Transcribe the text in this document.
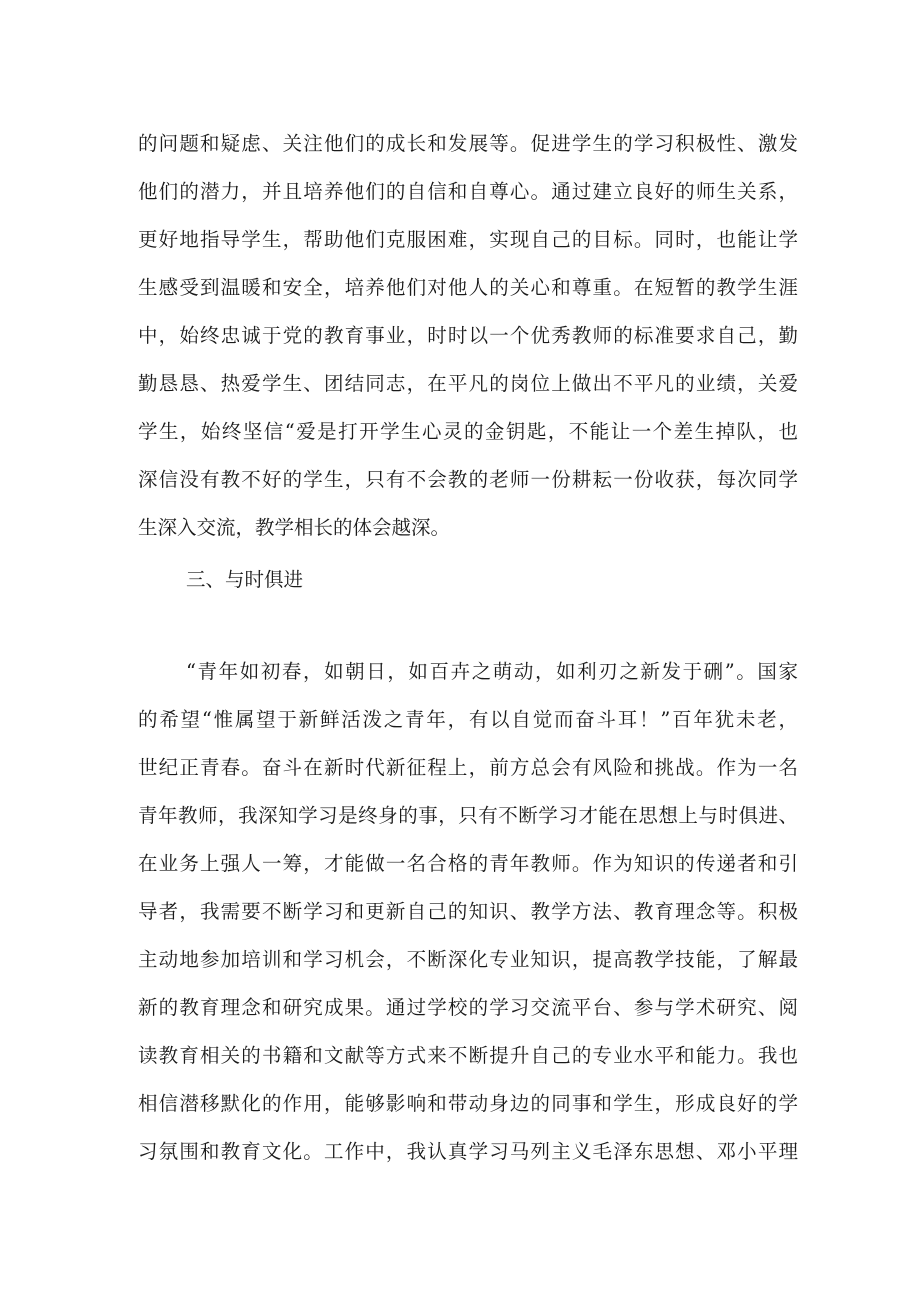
的问题和疑虑、关注他们的成长和发展等。促进学生的学习积极性、激发
他们的潜力，并且培养他们的自信和自尊心。通过建立良好的师生关系，
更好地指导学生，帮助他们克服困难，实现自己的目标。同时，也能让学
生感受到温暖和安全，培养他们对他人的关心和尊重。在短暂的教学生涯
中，始终忠诚于党的教育事业，时时以一个优秀教师的标准要求自己，勤
勤恳恳、热爱学生、团结同志，在平凡的岗位上做出不平凡的业绩，关爱
学生，始终坚信“爱是打开学生心灵的金钥匙，不能让一个差生掉队，也
深信没有教不好的学生，只有不会教的老师一份耕耘一份收获，每次同学
生深入交流，教学相长的体会越深。
三、与时俱进
“青年如初春，如朝日，如百卉之萌动，如利刃之新发于硎”。国家
的希望“惟属望于新鲜活泼之青年，有以自觉而奋斗耳！”百年犹未老，
世纪正青春。奋斗在新时代新征程上，前方总会有风险和挑战。作为一名
青年教师，我深知学习是终身的事，只有不断学习才能在思想上与时俱进、
在业务上强人一筹，才能做一名合格的青年教师。作为知识的传递者和引
导者，我需要不断学习和更新自己的知识、教学方法、教育理念等。积极
主动地参加培训和学习机会，不断深化专业知识，提高教学技能，了解最
新的教育理念和研究成果。通过学校的学习交流平台、参与学术研究、阅
读教育相关的书籍和文献等方式来不断提升自己的专业水平和能力。我也
相信潜移默化的作用，能够影响和带动身边的同事和学生，形成良好的学
习氛围和教育文化。工作中，我认真学习马列主义毛泽东思想、邓小平理
